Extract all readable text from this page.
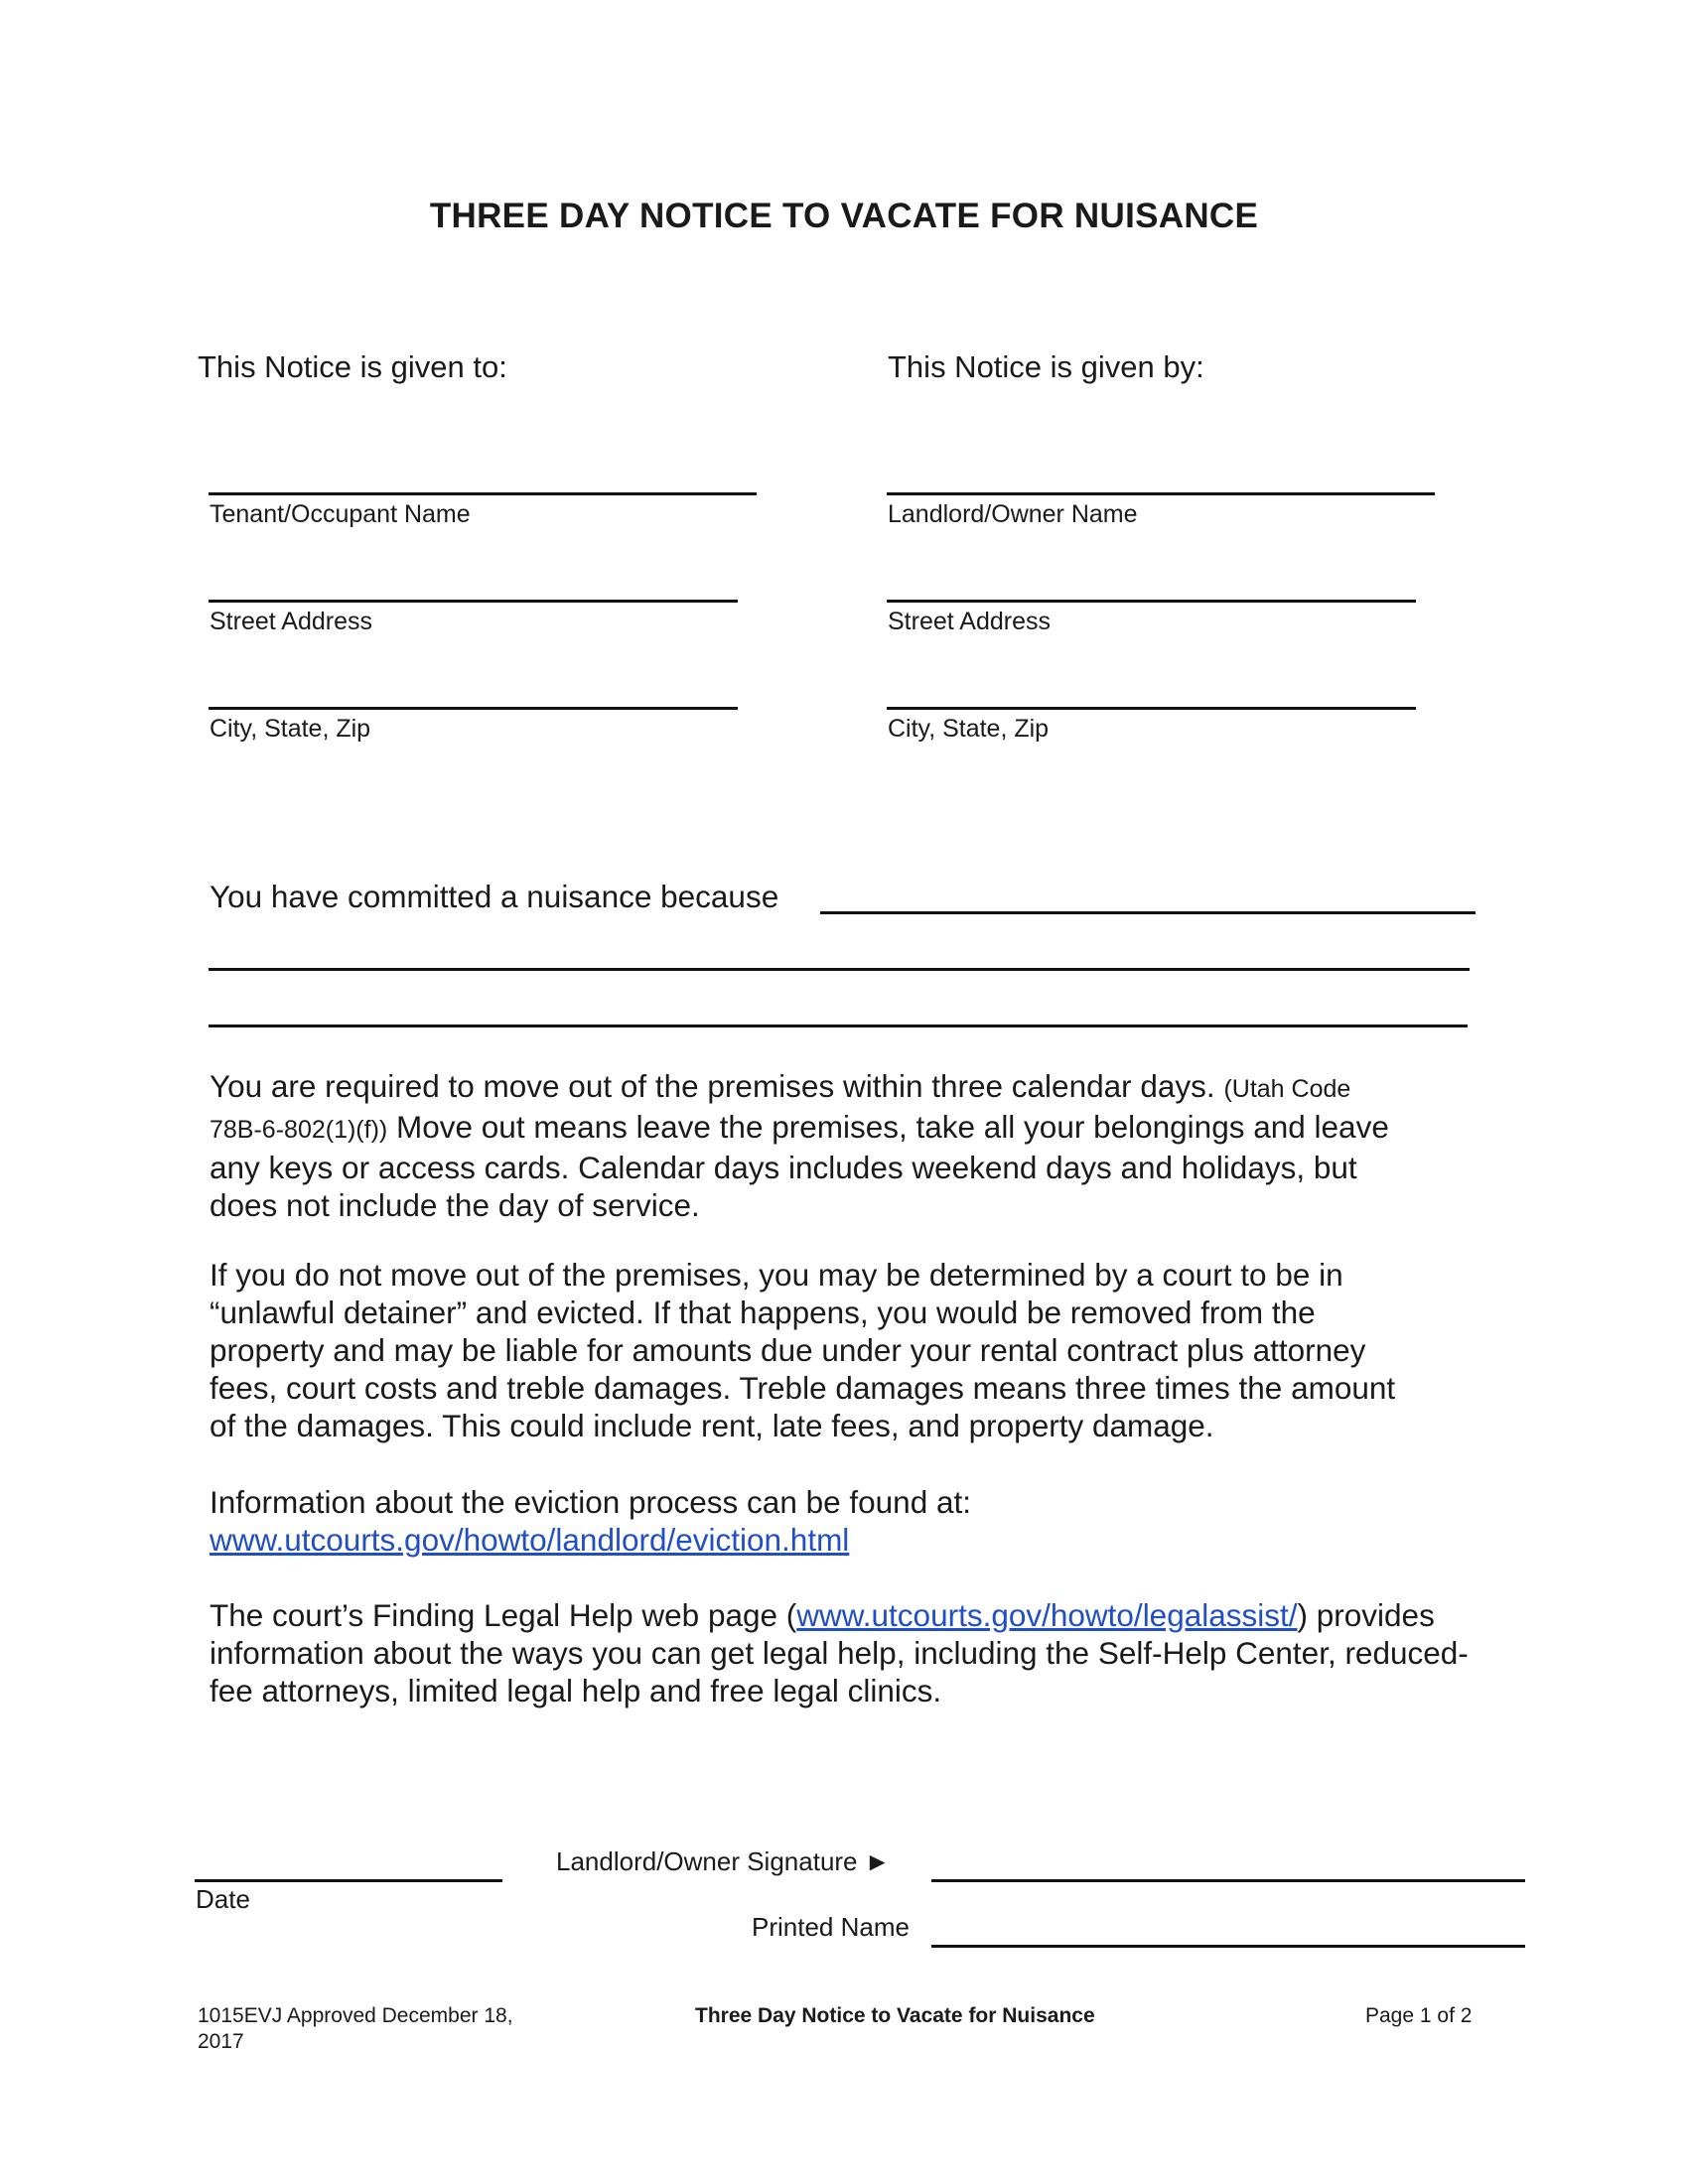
THREE DAY NOTICE TO VACATE FOR NUISANCE
This Notice is given to:	This Notice is given by:
Tenant/Occupant Name
Street Address
City, State, Zip
Landlord/Owner Name
Street Address
City, State, Zip
You have committed a nuisance because
You are required to move out of the premises within three calendar days. (Utah Code
78B-6-802(1)(f)) Move out means leave the premises, take all your belongings and leave
any keys or access cards. Calendar days includes weekend days and holidays, but
does not include the day of service.
If you do not move out of the premises, you may be determined by a court to be in
“unlawful detainer” and evicted. If that happens, you would be removed from the
property and may be liable for amounts due under your rental contract plus attorney
fees, court costs and treble damages. Treble damages means three times the amount
of the damages. This could include rent, late fees, and property damage.
Information about the eviction process can be found at:
www.utcourts.gov/howto/landlord/eviction.html
The court’s Finding Legal Help web page (www.utcourts.gov/howto/legalassist/) provides
information about the ways you can get legal help, including the Self-Help Center, reduced-
fee attorneys, limited legal help and free legal clinics.
Landlord/Owner Signature ►
Date
Printed Name
1015EVJ Approved December 18,
2017
Three Day Notice to Vacate for Nuisance	Page 1 of 2
